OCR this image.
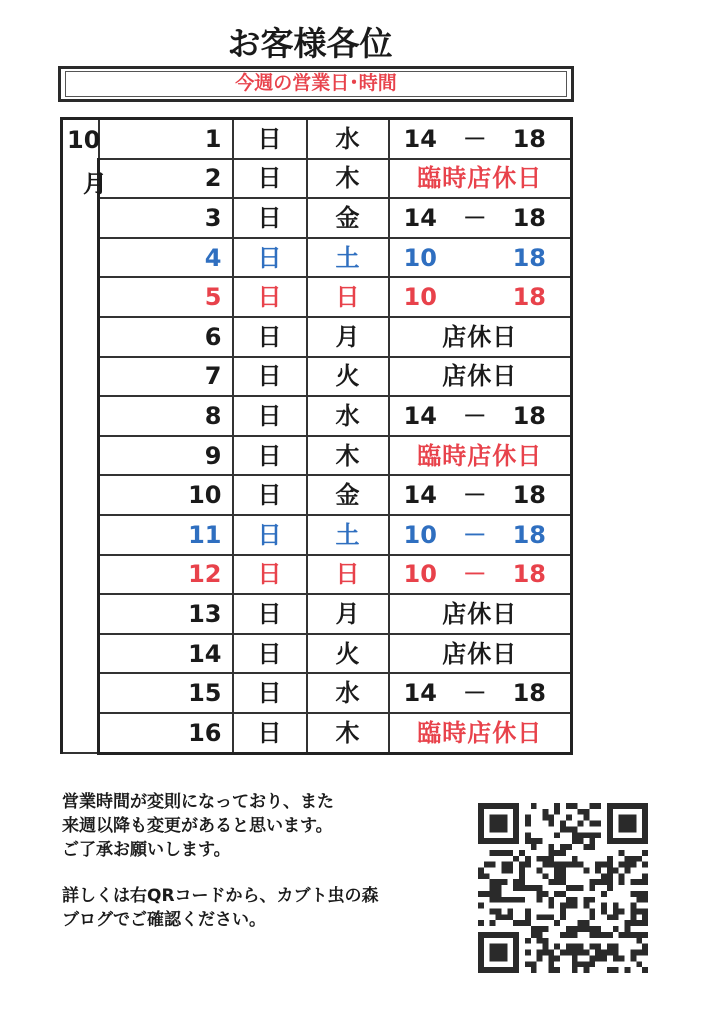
お客様各位
今週の営業日･時間
10
月	1	日	水	14 － 18

	2	日	木	臨時店休日
	3	日	金	14 － 18

	4	日	土	10 18

	5	日	日	10 18

	6	日	月	店休日
	7	日	火	店休日
	8	日	水	14 － 18

	9	日	木	臨時店休日
	10	日	金	14 － 18

	11	日	土	10 － 18

	12	日	日	10 － 18

	13	日	月	店休日
	14	日	火	店休日
	15	日	水	14 － 18

	16	日	木	臨時店休日

営業時間が変則になっており、また

来週以降も変更があると思います。

ご了承お願いします。

詳しくは右QRコードから、カブト虫の森

ブログでご確認ください。
